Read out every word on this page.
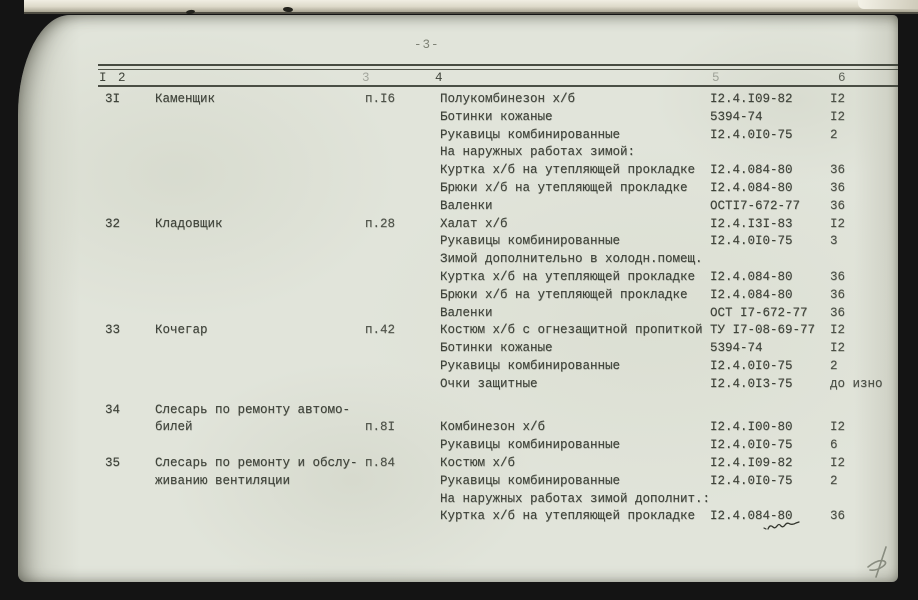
-3-
I 2	3	4	5	6
3I	Каменщик	п.I6	Полукомбинезон х/б	I2.4.I09-82	I2
Ботинки кожаные	5394-74	I2
Рукавицы комбинированные	I2.4.0I0-75	2
На наружных работах зимой:
Куртка х/б на утепляющей прокладке I2.4.084-80	36
Брюки х/б на утепляющей прокладке I2.4.084-80	36
Валенки	ОСТI7-672-77 36
32	Кладовщик	п.28	Халат х/б	I2.4.I3I-83	I2
Рукавицы комбинированные	I2.4.0I0-75	3
Зимой дополнительно в холодн.помещ.
Куртка х/б на утепляющей прокладке I2.4.084-80	36
Брюки х/б на утепляющей прокладке I2.4.084-80	36
Валенки	ОСТ I7-672-77 36
33	Кочегар	п.42	Костюм х/б с огнезащитной пропиткой ТУ I7-08-69-77 I2
Ботинки кожаные	5394-74	I2
Рукавицы комбинированные	I2.4.0I0-75	2
Очки защитные	I2.4.0I3-75	до изно
34	Слесарь по ремонту автомо-
билей	п.8I	Комбинезон х/б	I2.4.I00-80	I2
Рукавицы комбинированные	I2.4.0I0-75	6
35	Слесарь по ремонту и обслу- п.84	Костюм х/б	I2.4.I09-82	I2
живанию вентиляции	Рукавицы комбинированные	I2.4.0I0-75	2
На наружных работах зимой дополнит.:
Куртка х/б на утепляющей прокладке I2.4.084-80	36
